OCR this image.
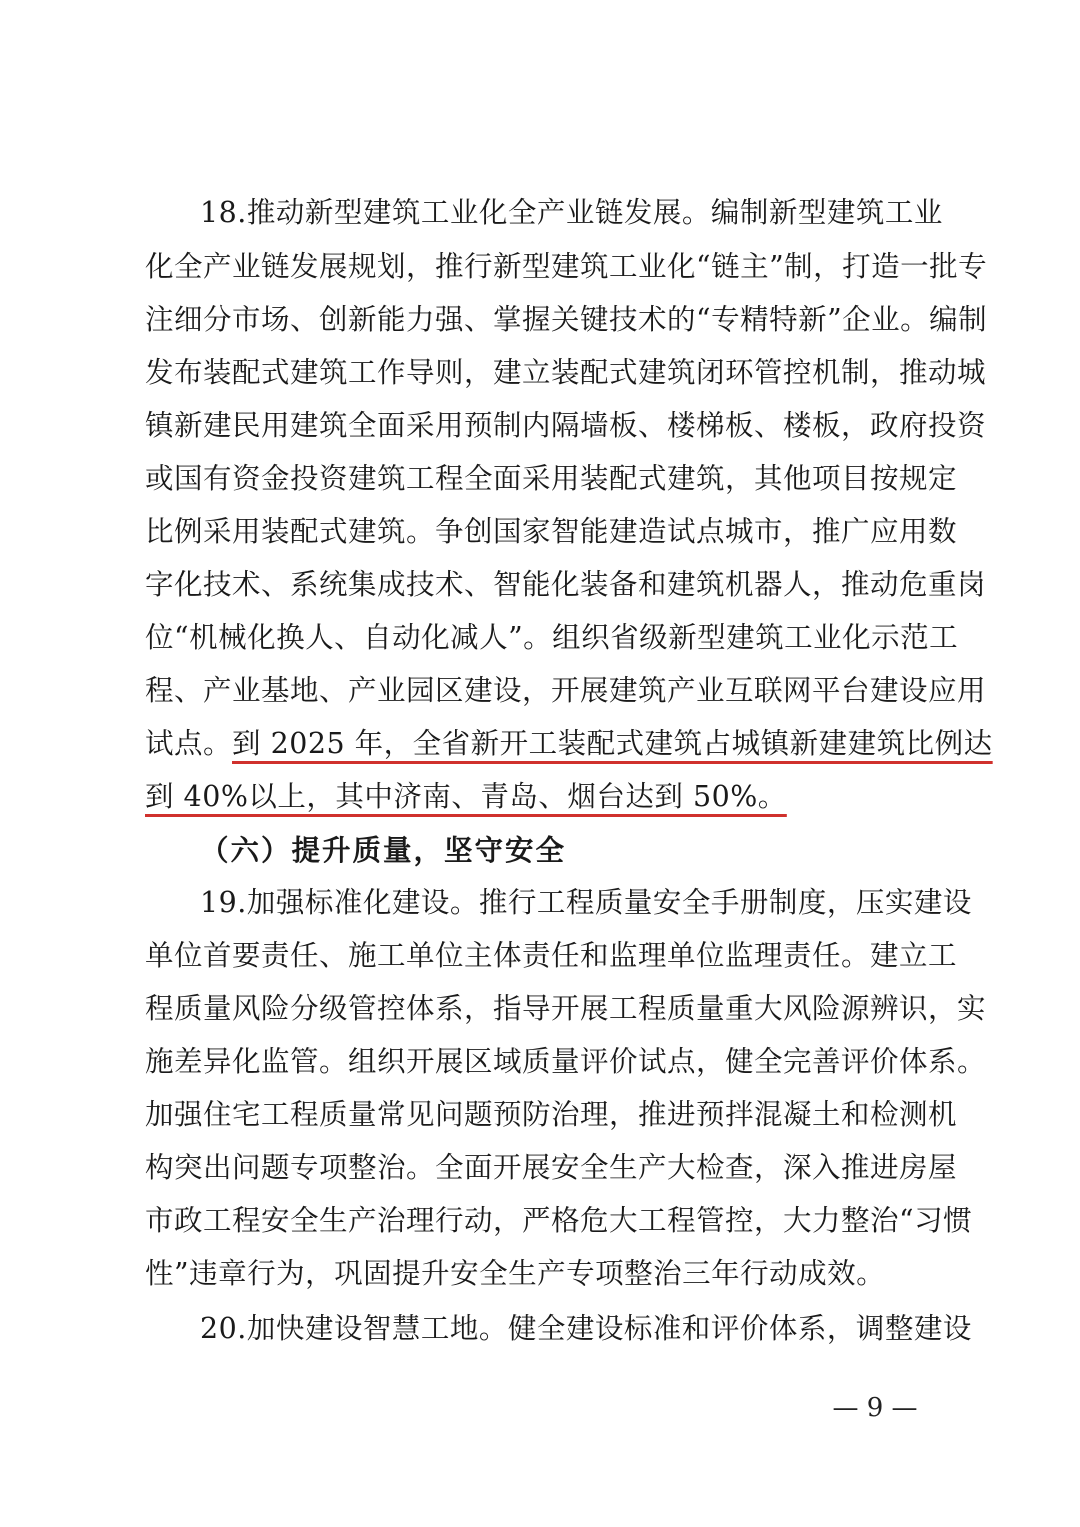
18.推动新型建筑工业化全产业链发展。编制新型建筑工业
化全产业链发展规划，推行新型建筑工业化“链主”制，打造一批专
注细分市场、创新能力强、掌握关键技术的“专精特新”企业。编制
发布装配式建筑工作导则，建立装配式建筑闭环管控机制，推动城
镇新建民用建筑全面采用预制内隔墙板、楼梯板、楼板，政府投资
或国有资金投资建筑工程全面采用装配式建筑，其他项目按规定
比例采用装配式建筑。争创国家智能建造试点城市，推广应用数
字化技术、系统集成技术、智能化装备和建筑机器人，推动危重岗
位“机械化换人、自动化减人”。组织省级新型建筑工业化示范工
程、产业基地、产业园区建设，开展建筑产业互联网平台建设应用
试点。到 2025 年，全省新开工装配式建筑占城镇新建建筑比例达
到 40%以上，其中济南、青岛、烟台达到 50%。
（六）提升质量，坚守安全
19.加强标准化建设。推行工程质量安全手册制度，压实建设
单位首要责任、施工单位主体责任和监理单位监理责任。建立工
程质量风险分级管控体系，指导开展工程质量重大风险源辨识，实
施差异化监管。组织开展区域质量评价试点，健全完善评价体系。
加强住宅工程质量常见问题预防治理，推进预拌混凝土和检测机
构突出问题专项整治。全面开展安全生产大检查，深入推进房屋
市政工程安全生产治理行动，严格危大工程管控，大力整治“习惯
性”违章行为，巩固提升安全生产专项整治三年行动成效。
20.加快建设智慧工地。健全建设标准和评价体系，调整建设
— 9 —
